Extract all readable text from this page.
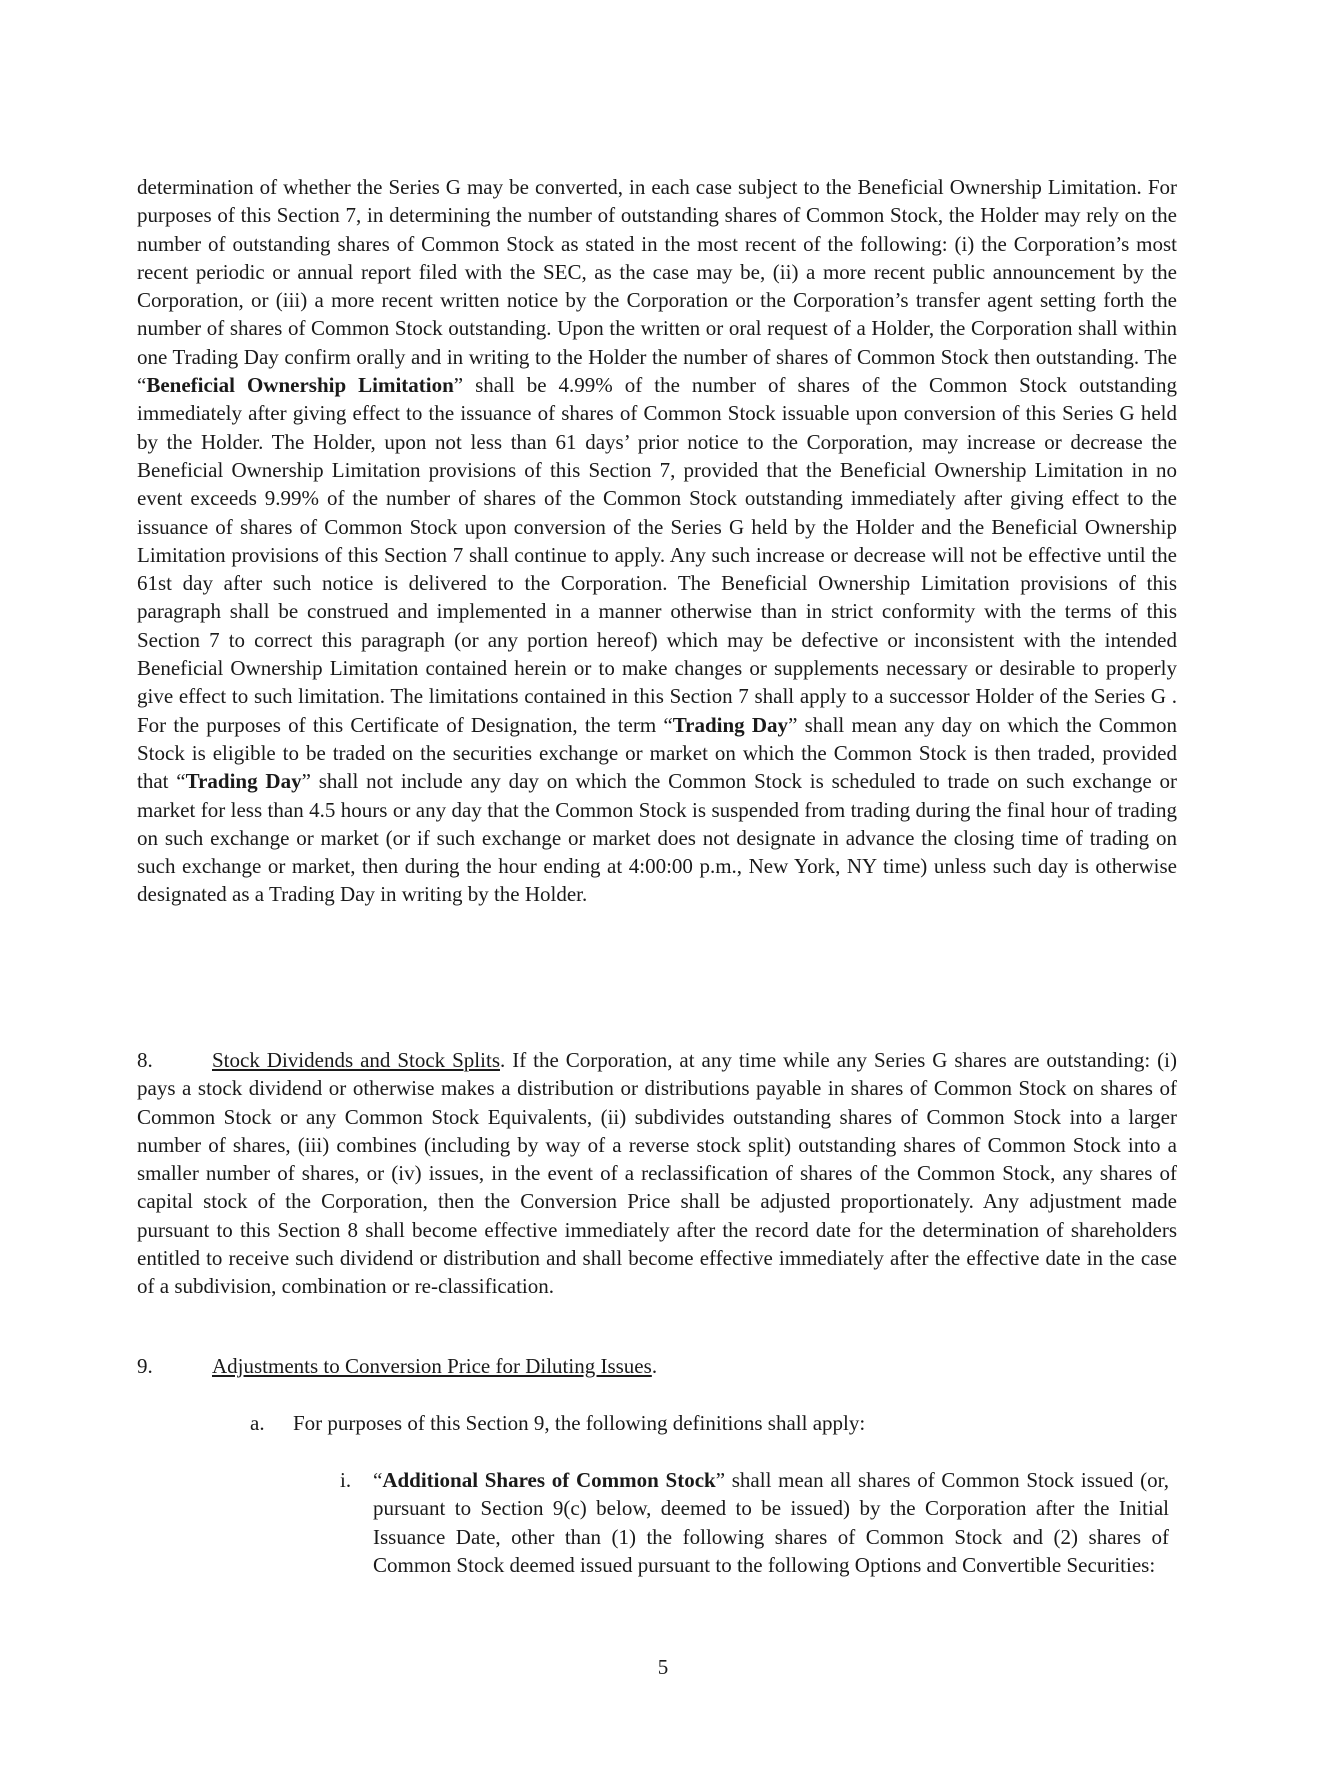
determination of whether the Series G may be converted, in each case subject to the Beneficial Ownership Limitation. For purposes of this Section 7, in determining the number of outstanding shares of Common Stock, the Holder may rely on the number of outstanding shares of Common Stock as stated in the most recent of the following: (i) the Corporation’s most recent periodic or annual report filed with the SEC, as the case may be, (ii) a more recent public announcement by the Corporation, or (iii) a more recent written notice by the Corporation or the Corporation’s transfer agent setting forth the number of shares of Common Stock outstanding. Upon the written or oral request of a Holder, the Corporation shall within one Trading Day confirm orally and in writing to the Holder the number of shares of Common Stock then outstanding. The “Beneficial Ownership Limitation” shall be 4.99% of the number of shares of the Common Stock outstanding immediately after giving effect to the issuance of shares of Common Stock issuable upon conversion of this Series G held by the Holder. The Holder, upon not less than 61 days’ prior notice to the Corporation, may increase or decrease the Beneficial Ownership Limitation provisions of this Section 7, provided that the Beneficial Ownership Limitation in no event exceeds 9.99% of the number of shares of the Common Stock outstanding immediately after giving effect to the issuance of shares of Common Stock upon conversion of the Series G held by the Holder and the Beneficial Ownership Limitation provisions of this Section 7 shall continue to apply. Any such increase or decrease will not be effective until the 61st day after such notice is delivered to the Corporation. The Beneficial Ownership Limitation provisions of this paragraph shall be construed and implemented in a manner otherwise than in strict conformity with the terms of this Section 7 to correct this paragraph (or any portion hereof) which may be defective or inconsistent with the intended Beneficial Ownership Limitation contained herein or to make changes or supplements necessary or desirable to properly give effect to such limitation. The limitations contained in this Section 7 shall apply to a successor Holder of the Series G . For the purposes of this Certificate of Designation, the term “Trading Day” shall mean any day on which the Common Stock is eligible to be traded on the securities exchange or market on which the Common Stock is then traded, provided that “Trading Day” shall not include any day on which the Common Stock is scheduled to trade on such exchange or market for less than 4.5 hours or any day that the Common Stock is suspended from trading during the final hour of trading on such exchange or market (or if such exchange or market does not designate in advance the closing time of trading on such exchange or market, then during the hour ending at 4:00:00 p.m., New York, NY time) unless such day is otherwise designated as a Trading Day in writing by the Holder.

8.	Stock Dividends and Stock Splits. If the Corporation, at any time while any Series G shares are outstanding: (i) pays a stock dividend or otherwise makes a distribution or distributions payable in shares of Common Stock on shares of Common Stock or any Common Stock Equivalents, (ii) subdivides outstanding shares of Common Stock into a larger number of shares, (iii) combines (including by way of a reverse stock split) outstanding shares of Common Stock into a smaller number of shares, or (iv) issues, in the event of a reclassification of shares of the Common Stock, any shares of capital stock of the Corporation, then the Conversion Price shall be adjusted proportionately. Any adjustment made pursuant to this Section 8 shall become effective immediately after the record date for the determination of shareholders entitled to receive such dividend or distribution and shall become effective immediately after the effective date in the case of a subdivision, combination or re-classification.

9.	Adjustments to Conversion Price for Diluting Issues.

a. For purposes of this Section 9, the following definitions shall apply:

i. “Additional Shares of Common Stock” shall mean all shares of Common Stock issued (or, pursuant to Section 9(c) below, deemed to be issued) by the Corporation after the Initial Issuance Date, other than (1) the following shares of Common Stock and (2) shares of Common Stock deemed issued pursuant to the following Options and Convertible Securities:

5
